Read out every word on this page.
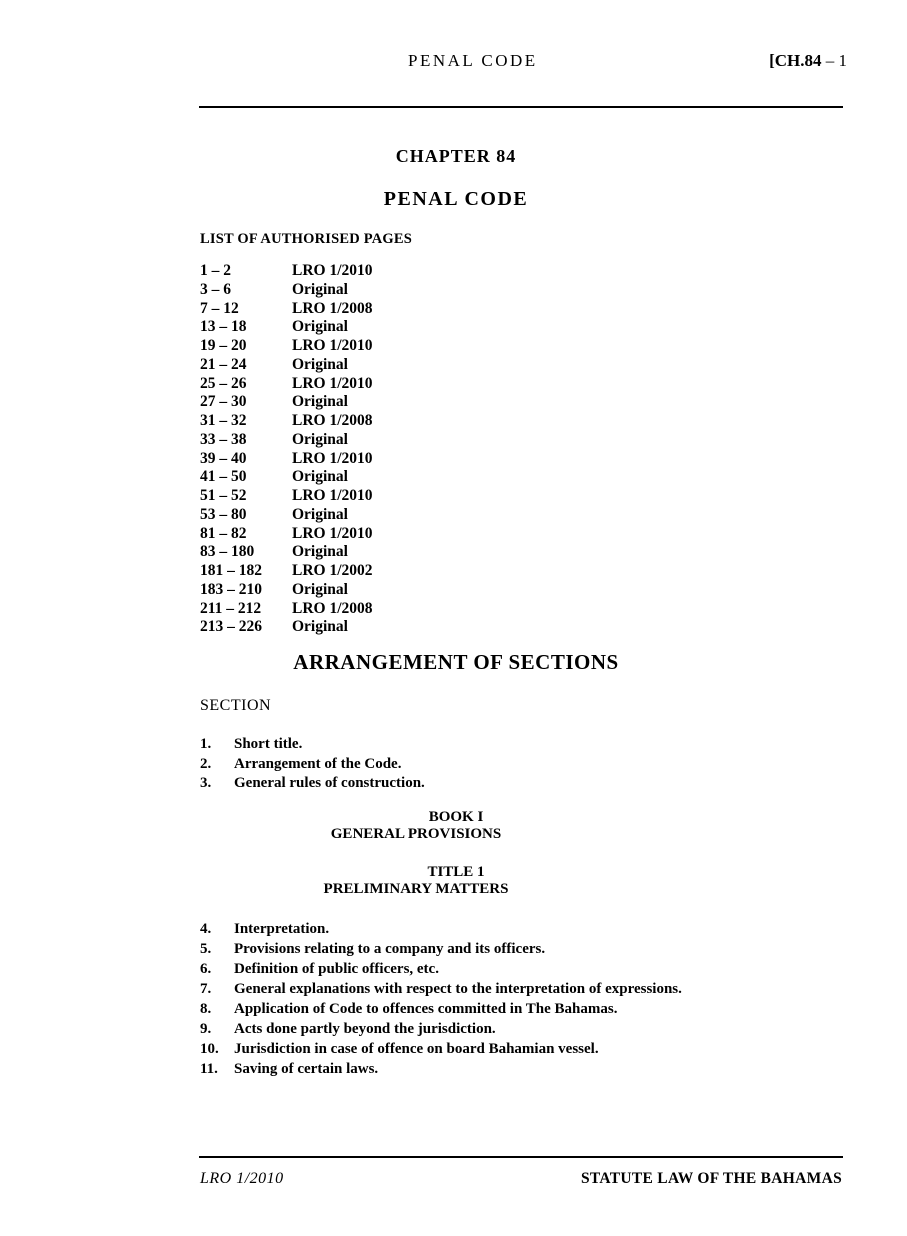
PENAL CODE	[CH.84 – 1
CHAPTER 84
PENAL CODE
LIST OF AUTHORISED PAGES
1 – 2	LRO 1/2010
3 – 6	Original
7 – 12	LRO 1/2008
13 – 18	Original
19 – 20	LRO 1/2010
21 – 24	Original
25 – 26	LRO 1/2010
27 – 30	Original
31 – 32	LRO 1/2008
33 – 38	Original
39 – 40	LRO 1/2010
41 – 50	Original
51 – 52	LRO 1/2010
53 – 80	Original
81 – 82	LRO 1/2010
83 – 180 Original
181 – 182 LRO 1/2002
183 – 210 Original
211 – 212 LRO 1/2008
213 – 226 Original
ARRANGEMENT OF SECTIONS
SECTION
1. Short title.
2. Arrangement of the Code.
3. General rules of construction.
BOOK I
GENERAL PROVISIONS
TITLE 1
PRELIMINARY MATTERS
4. Interpretation.
5. Provisions relating to a company and its officers.
6. Definition of public officers, etc.
7. General explanations with respect to the interpretation of expressions.
8. Application of Code to offences committed in The Bahamas.
9. Acts done partly beyond the jurisdiction.
10. Jurisdiction in case of offence on board Bahamian vessel.
11. Saving of certain laws.
LRO 1/2010	STATUTE LAW OF THE BAHAMAS
